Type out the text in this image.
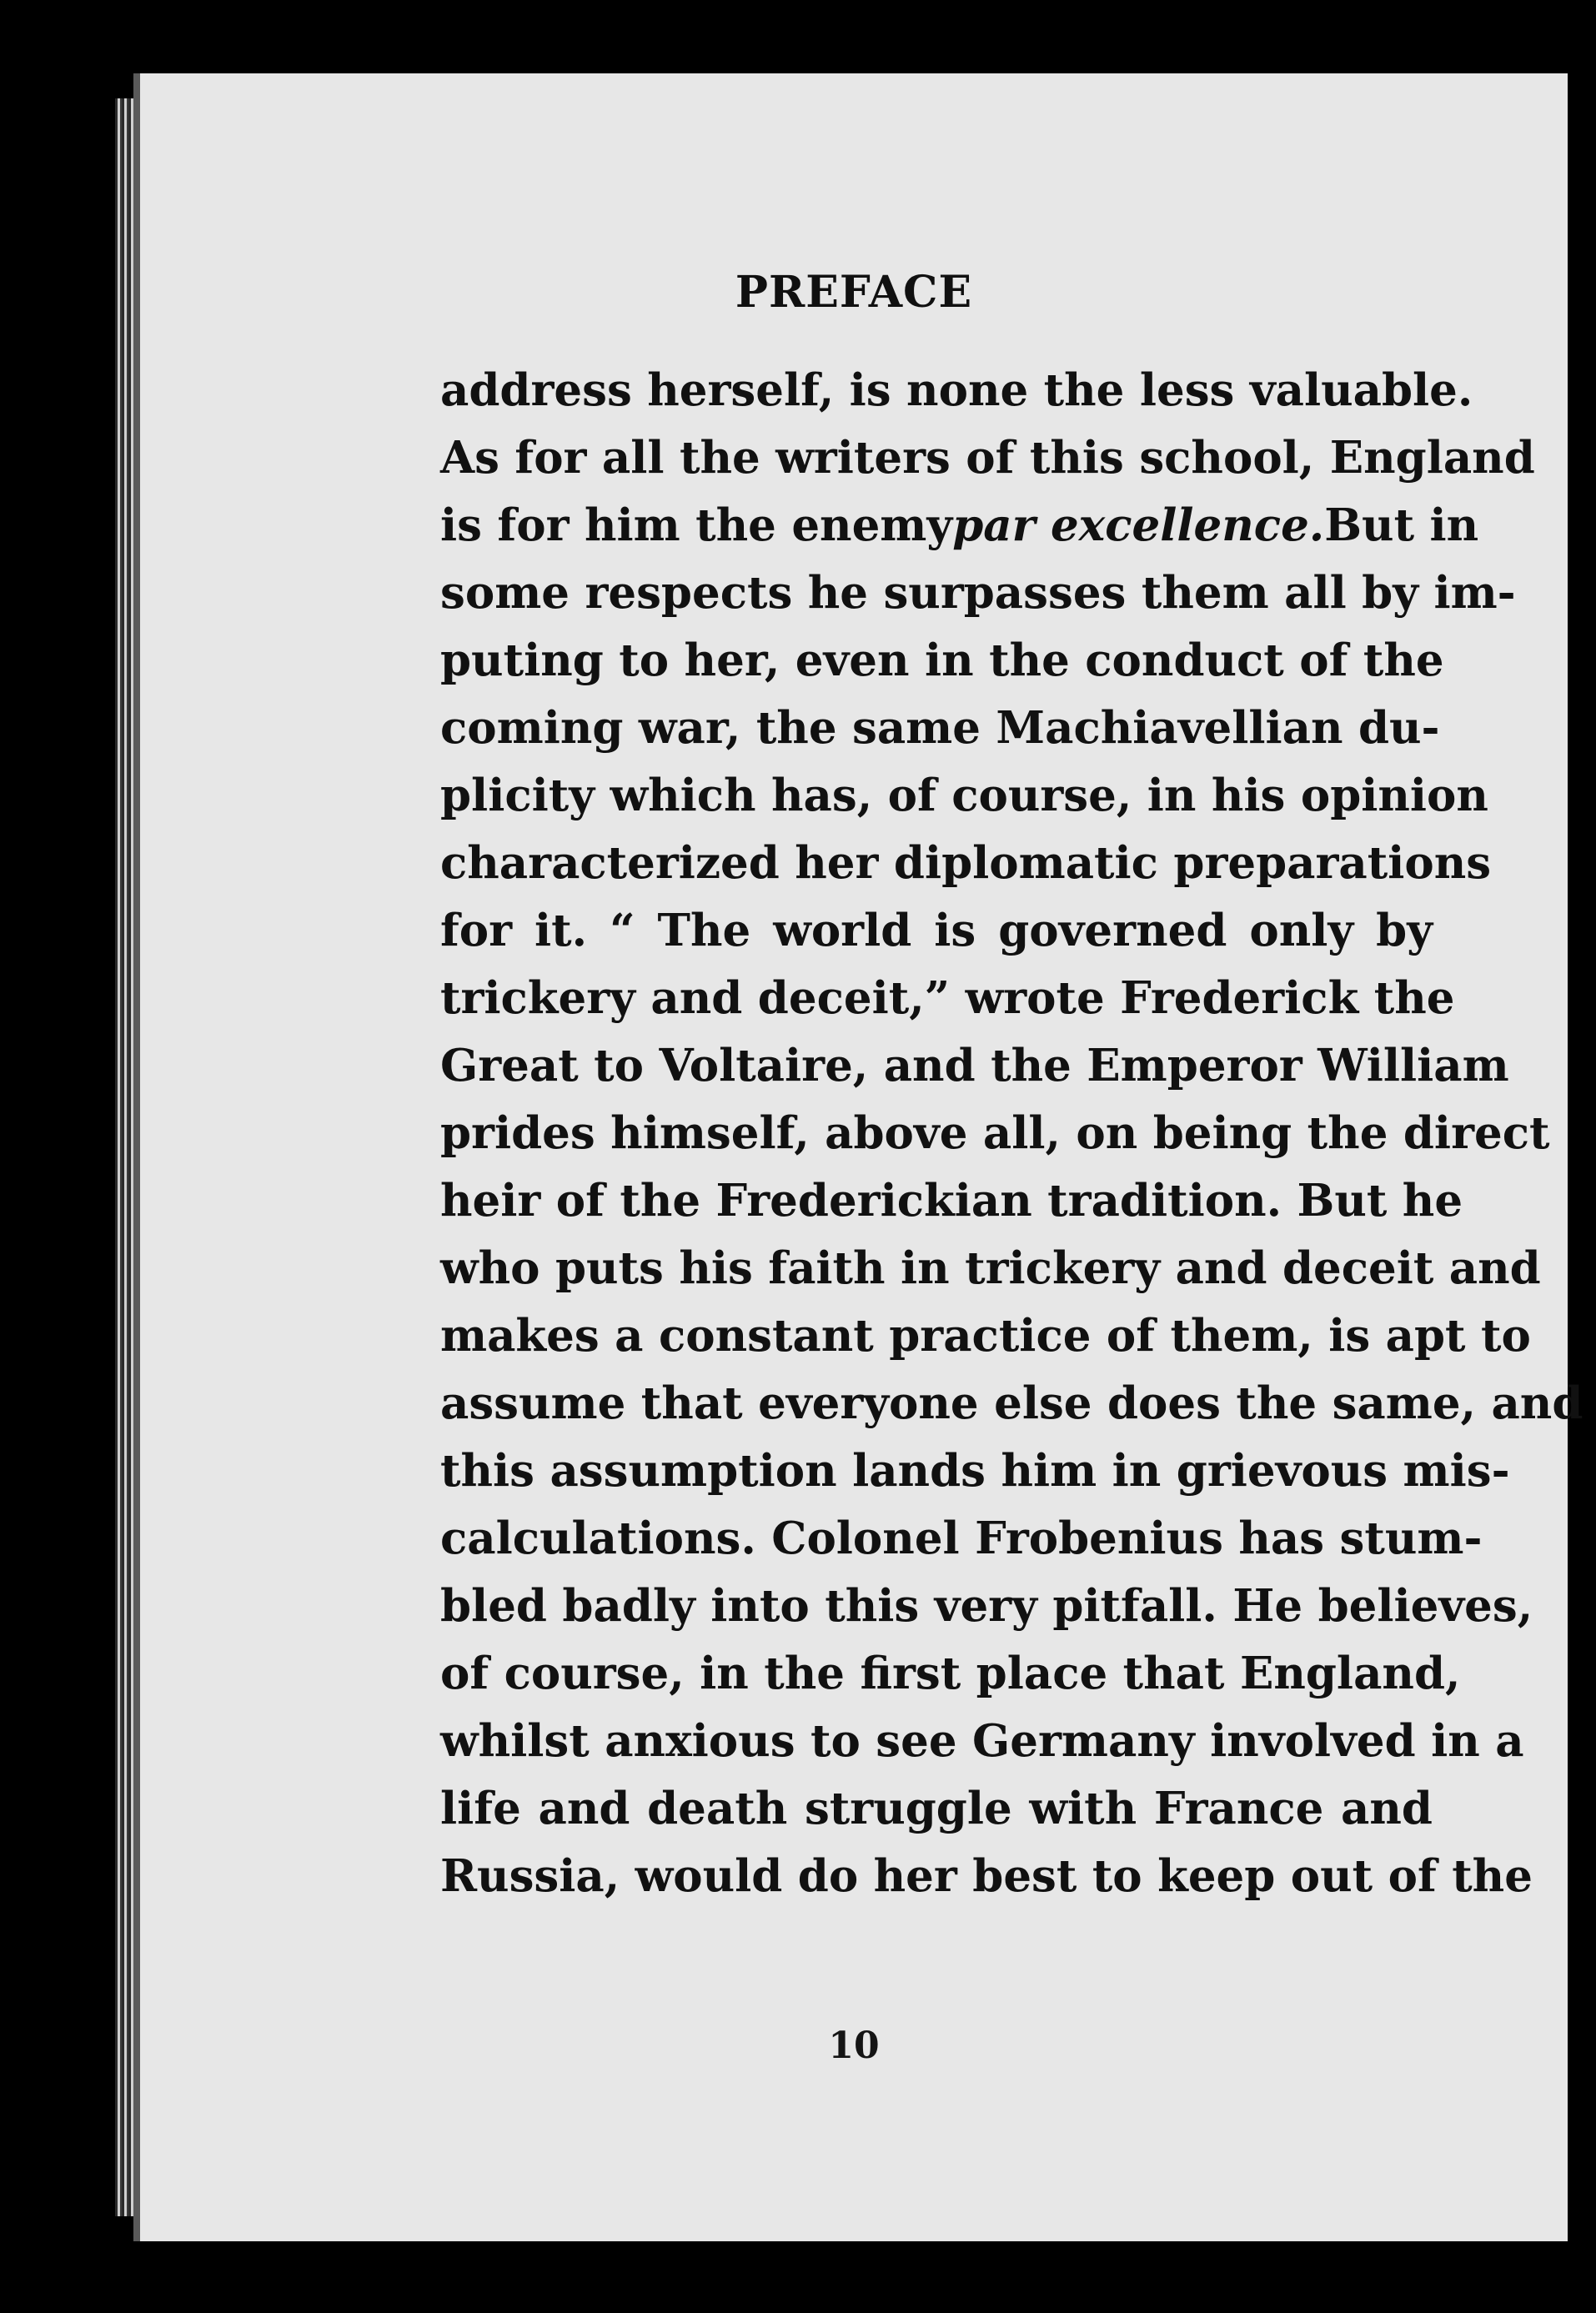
PREFACE
address herself, is none the less valuable.
As for all the writers of this school, England
is for him the enemy par excellence. But in
some respects he surpasses them all by im-
puting to her, even in the conduct of the
coming war, the same Machiavellian du-
plicity which has, of course, in his opinion
characterized her diplomatic preparations
for it. “ The world is governed only by
trickery and deceit,” wrote Frederick the
Great to Voltaire, and the Emperor William
prides himself, above all, on being the direct
heir of the Frederickian tradition. But he
who puts his faith in trickery and deceit and
makes a constant practice of them, is apt to
assume that everyone else does the same, and
this assumption lands him in grievous mis-
calculations. Colonel Frobenius has stum-
bled badly into this very pitfall. He believes,
of course, in the first place that England,
whilst anxious to see Germany involved in a
life and death struggle with France and
Russia, would do her best to keep out of the
10
